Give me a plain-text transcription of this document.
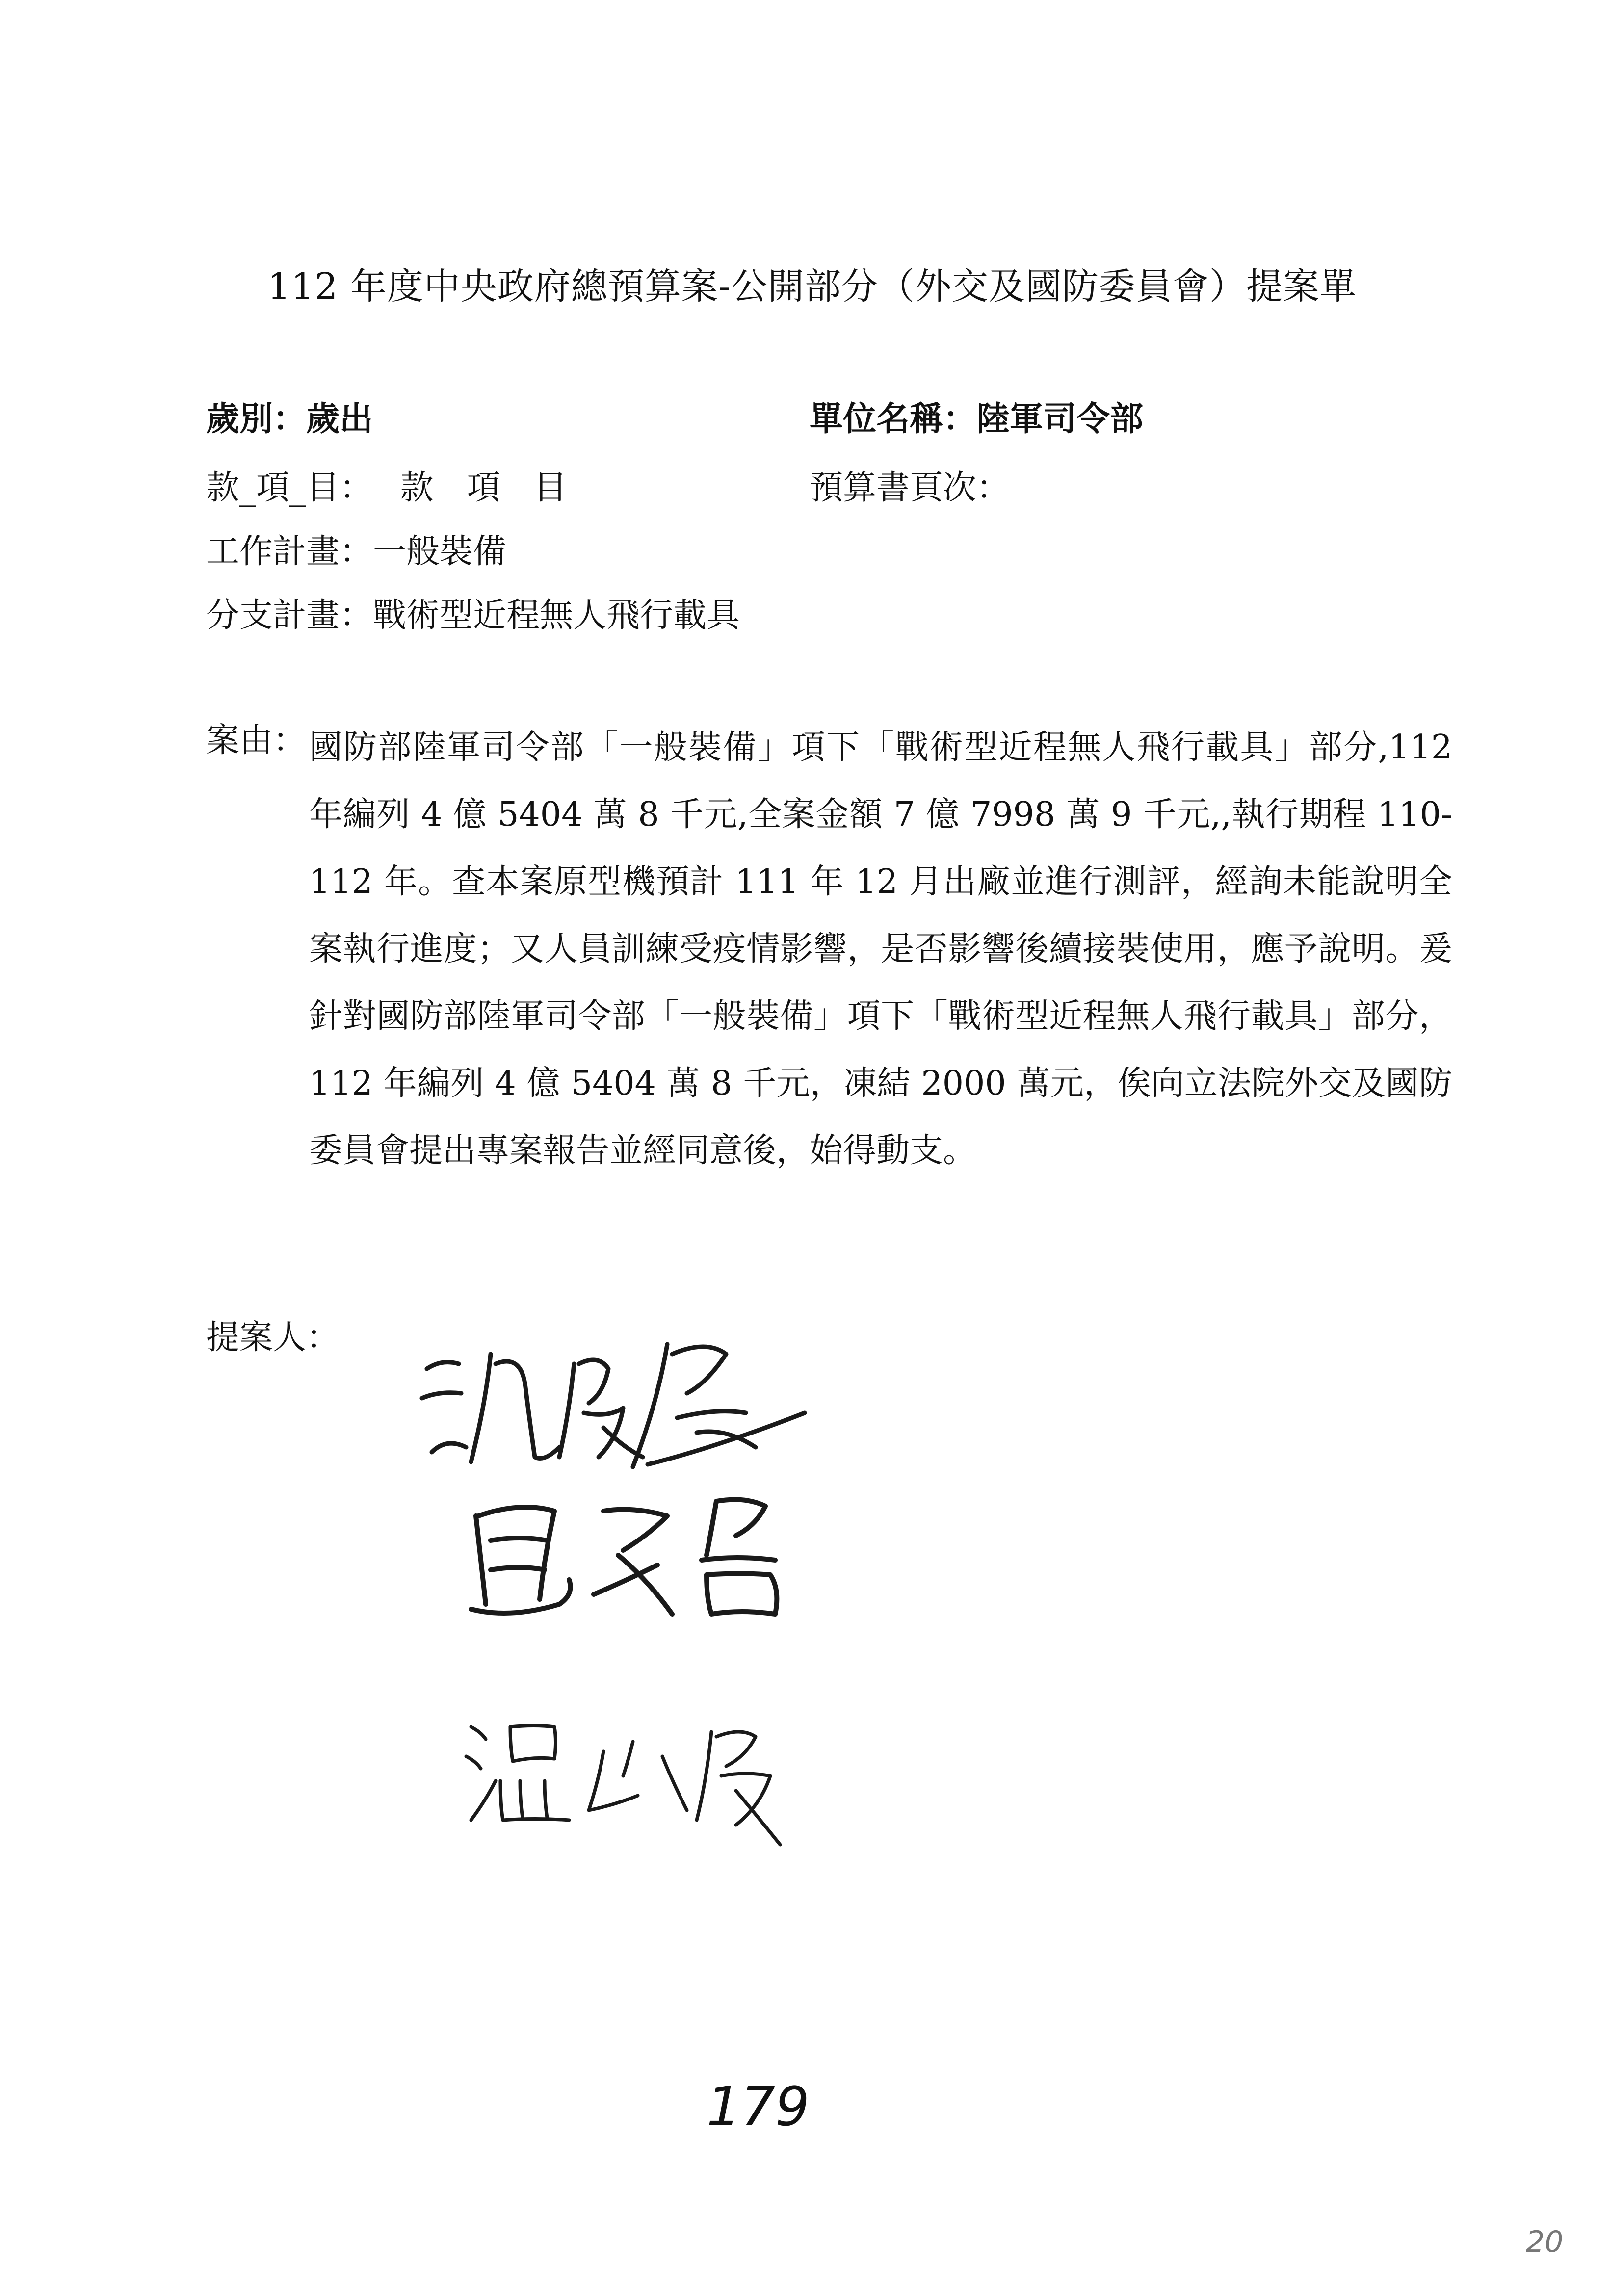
112 年度中央政府總預算案-公開部分（外交及國防委員會）提案單
歲別：歲出	單位名稱：陸軍司令部
款_項_目：　 款　項　目	預算書頁次：
工作計畫：一般裝備
分支計畫：戰術型近程無人飛行載具
案由： 國防部陸軍司令部「一般裝備」項下「戰術型近程無人飛行載具」部分,112 年編列 4 億 5404 萬 8 千元,全案金額 7 億 7998 萬 9 千元,,執行期程 110-112 年。查本案原型機預計 111 年 12 月出廠並進行測評，經詢未能說明全案執行進度；又人員訓練受疫情影響，是否影響後續接裝使用，應予說明。爰針對國防部陸軍司令部「一般裝備」項下「戰術型近程無人飛行載具」部分，112 年編列 4 億 5404 萬 8 千元，凍結 2000 萬元，俟向立法院外交及國防委員會提出專案報告並經同意後，始得動支。
提案人：
179
20
